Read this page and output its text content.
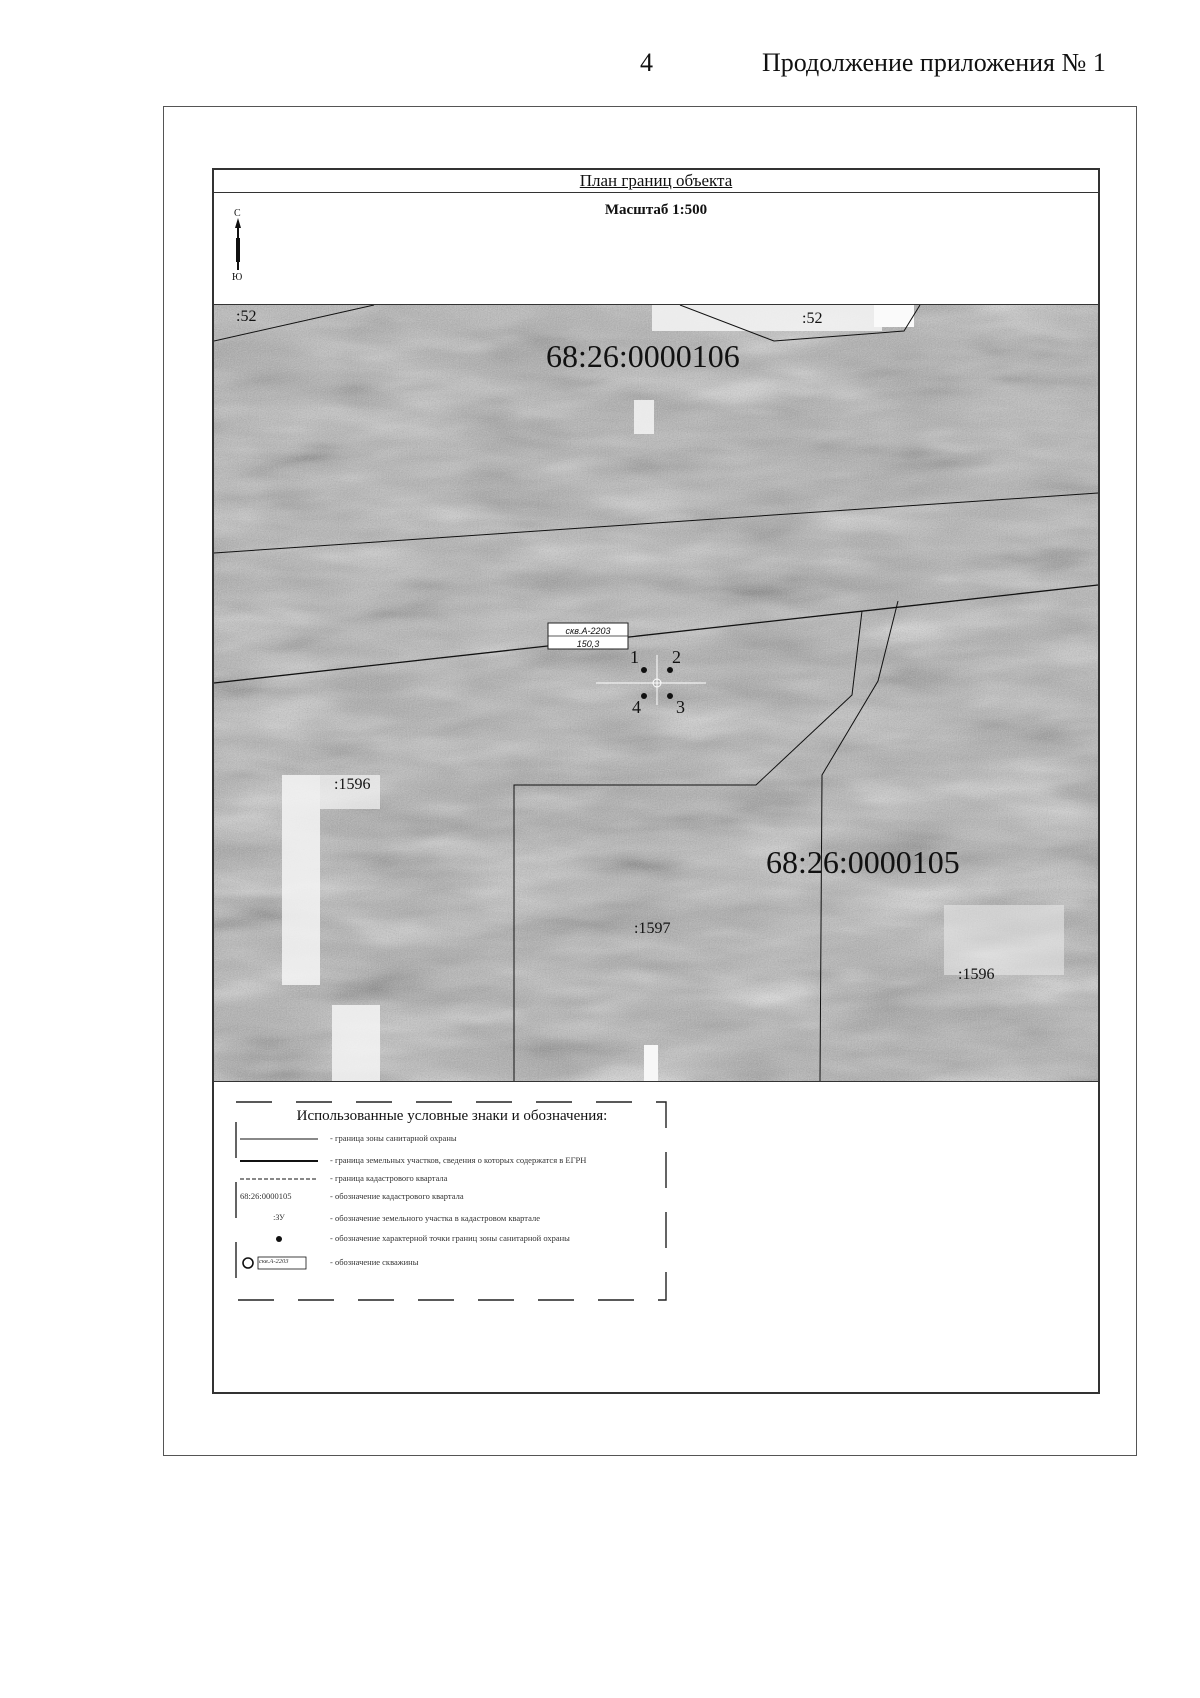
4	Продолжение приложения № 1
План границ объекта
Масштаб 1:500
С
Ю
скв.А-2203
150,3
1 2
3
4
:52	:52
68:26:0000106
68:26:0000105
:1596
:1597
:1596
Использованные условные знаки и обозначения:
- граница зоны санитарной охраны
- граница земельных участков, сведения о которых содержатся в ЕГРН
- граница кадастрового квартала
68:26:0000105	- обозначение кадастрового квартала
:ЗУ	- обозначение земельного участка в кадастровом квартале
- обозначение характерной точки границ зоны санитарной охраны
скв.А-2203	- обозначение скважины
